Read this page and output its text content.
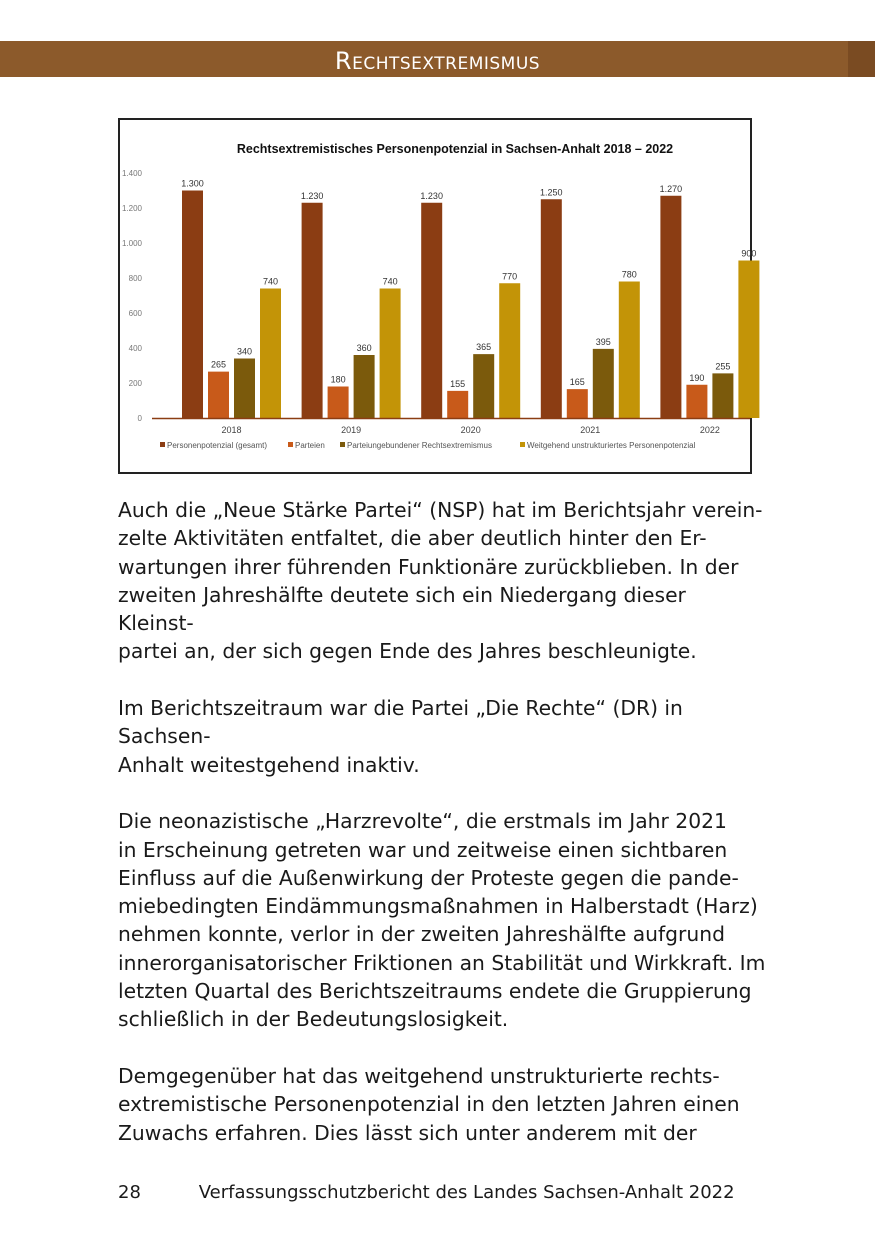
Rechtsextremismus
Rechtsextremistisches Personenpotenzial in Sachsen-Anhalt 2018 – 2022
0
200
400
600
800
1.000
1.200
1.400
1.300
265
340
740
2018
1.230
180
360
740
2019
1.230
155
365
770
2020
1.250
165
395
780
2021
1.270
190
255
900
2022
Personenpotenzial (gesamt)	Parteien	Parteiungebundener Rechtsextremismus	Weitgehend unstrukturiertes Personenpotenzial

Auch die „Neue Stärke Partei“ (NSP) hat im Berichtsjahr verein-
zelte Aktivitäten entfaltet, die aber deutlich hinter den Er-
wartungen ihrer führenden Funktionäre zurückblieben. In der
zweiten Jahreshälfte deutete sich ein Niedergang dieser Kleinst-
partei an, der sich gegen Ende des Jahres beschleunigte.

Im Berichtszeitraum war die Partei „Die Rechte“ (DR) in Sachsen-
Anhalt weitestgehend inaktiv.

Die neonazistische „Harzrevolte“, die erstmals im Jahr 2021
in Erscheinung getreten war und zeitweise einen sichtbaren
Einfluss auf die Außenwirkung der Proteste gegen die pande-
miebedingten Eindämmungsmaßnahmen in Halberstadt (Harz)
nehmen konnte, verlor in der zweiten Jahreshälfte aufgrund
innerorganisatorischer Friktionen an Stabilität und Wirkkraft. Im
letzten Quartal des Berichtszeitraums endete die Gruppierung
schließlich in der Bedeutungslosigkeit.

Demgegenüber hat das weitgehend unstrukturierte rechts-
extremistische Personenpotenzial in den letzten Jahren einen
Zuwachs erfahren. Dies lässt sich unter anderem mit der

28	Verfassungsschutzbericht des Landes Sachsen-Anhalt 2022
